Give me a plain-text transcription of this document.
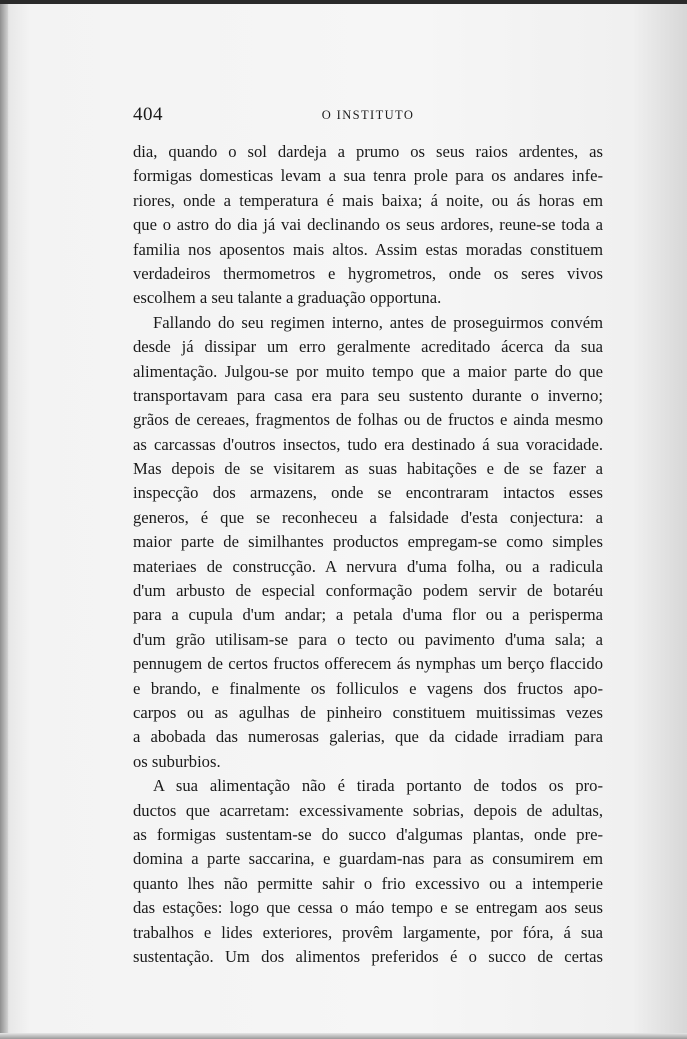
404	O INSTITUTO
dia, quando o sol dardeja a prumo os seus raios ardentes, as
formigas domesticas levam a sua tenra prole para os andares infe-
riores, onde a temperatura é mais baixa; á noite, ou ás horas em
que o astro do dia já vai declinando os seus ardores, reune-se toda a
familia nos aposentos mais altos. Assim estas moradas constituem
verdadeiros thermometros e hygrometros, onde os seres vivos
escolhem a seu talante a graduação opportuna.
Fallando do seu regimen interno, antes de proseguirmos convém
desde já dissipar um erro geralmente acreditado ácerca da sua
alimentação. Julgou-se por muito tempo que a maior parte do que
transportavam para casa era para seu sustento durante o inverno;
grãos de cereaes, fragmentos de folhas ou de fructos e ainda mesmo
as carcassas d'outros insectos, tudo era destinado á sua voracidade.
Mas depois de se visitarem as suas habitações e de se fazer a
inspecção dos armazens, onde se encontraram intactos esses
generos, é que se reconheceu a falsidade d'esta conjectura: a
maior parte de similhantes productos empregam-se como simples
materiaes de construcção. A nervura d'uma folha, ou a radicula
d'um arbusto de especial conformação podem servir de botaréu
para a cupula d'um andar; a petala d'uma flor ou a perisperma
d'um grão utilisam-se para o tecto ou pavimento d'uma sala; a
pennugem de certos fructos offerecem ás nymphas um berço flaccido
e brando, e finalmente os folliculos e vagens dos fructos apo-
carpos ou as agulhas de pinheiro constituem muitissimas vezes
a abobada das numerosas galerias, que da cidade irradiam para
os suburbios.
A sua alimentação não é tirada portanto de todos os pro-
ductos que acarretam: excessivamente sobrias, depois de adultas,
as formigas sustentam-se do succo d'algumas plantas, onde pre-
domina a parte saccarina, e guardam-nas para as consumirem em
quanto lhes não permitte sahir o frio excessivo ou a intemperie
das estações: logo que cessa o máo tempo e se entregam aos seus
trabalhos e lides exteriores, provêm largamente, por fóra, á sua
sustentação. Um dos alimentos preferidos é o succo de certas
